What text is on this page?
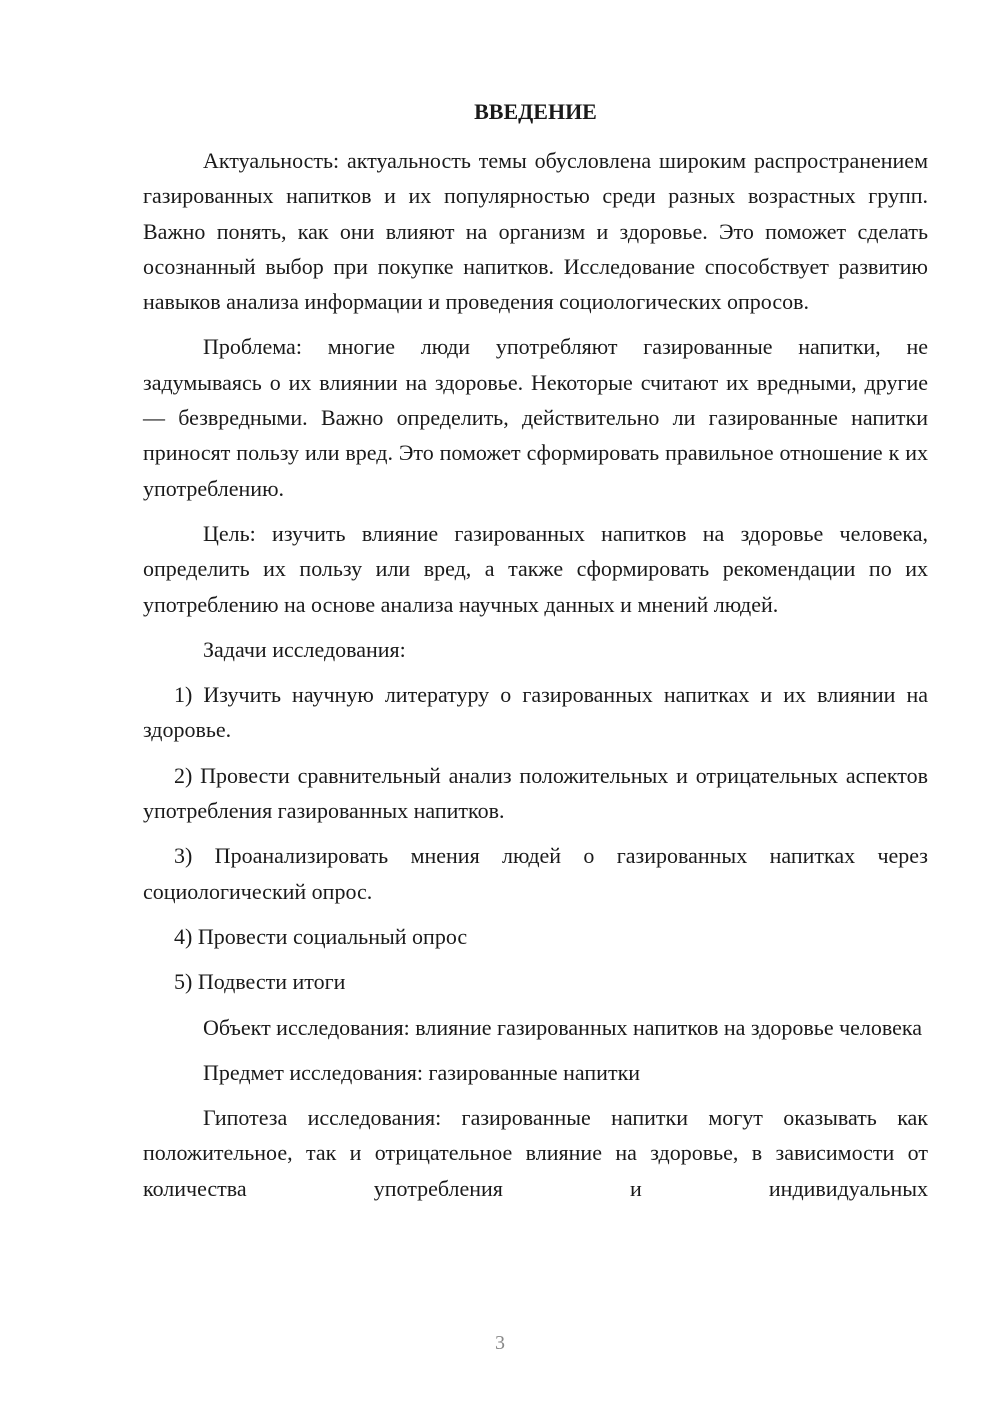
ВВЕДЕНИЕ

Актуальность: актуальность темы обусловлена широким распространением газированных напитков и их популярностью среди разных возрастных групп. Важно понять, как они влияют на организм и здоровье. Это поможет сделать осознанный выбор при покупке напитков. Исследование способствует развитию навыков анализа информации и проведения социологических опросов.

Проблема: многие люди употребляют газированные напитки, не задумываясь о их влиянии на здоровье. Некоторые считают их вредными, другие — безвредными. Важно определить, действительно ли газированные напитки приносят пользу или вред. Это поможет сформировать правильное отношение к их употреблению.

Цель: изучить влияние газированных напитков на здоровье человека, определить их пользу или вред, а также сформировать рекомендации по их употреблению на основе анализа научных данных и мнений людей.

Задачи исследования:

1) Изучить научную литературу о газированных напитках и их влиянии на здоровье.

2) Провести сравнительный анализ положительных и отрицательных аспектов употребления газированных напитков.

3) Проанализировать мнения людей о газированных напитках через социологический опрос.

4) Провести социальный опрос

5) Подвести итоги

Объект исследования: влияние газированных напитков на здоровье человека

Предмет исследования: газированные напитки

Гипотеза исследования: газированные напитки могут оказывать как положительное, так и отрицательное влияние на здоровье, в зависимости от количества употребления и индивидуальных

3
